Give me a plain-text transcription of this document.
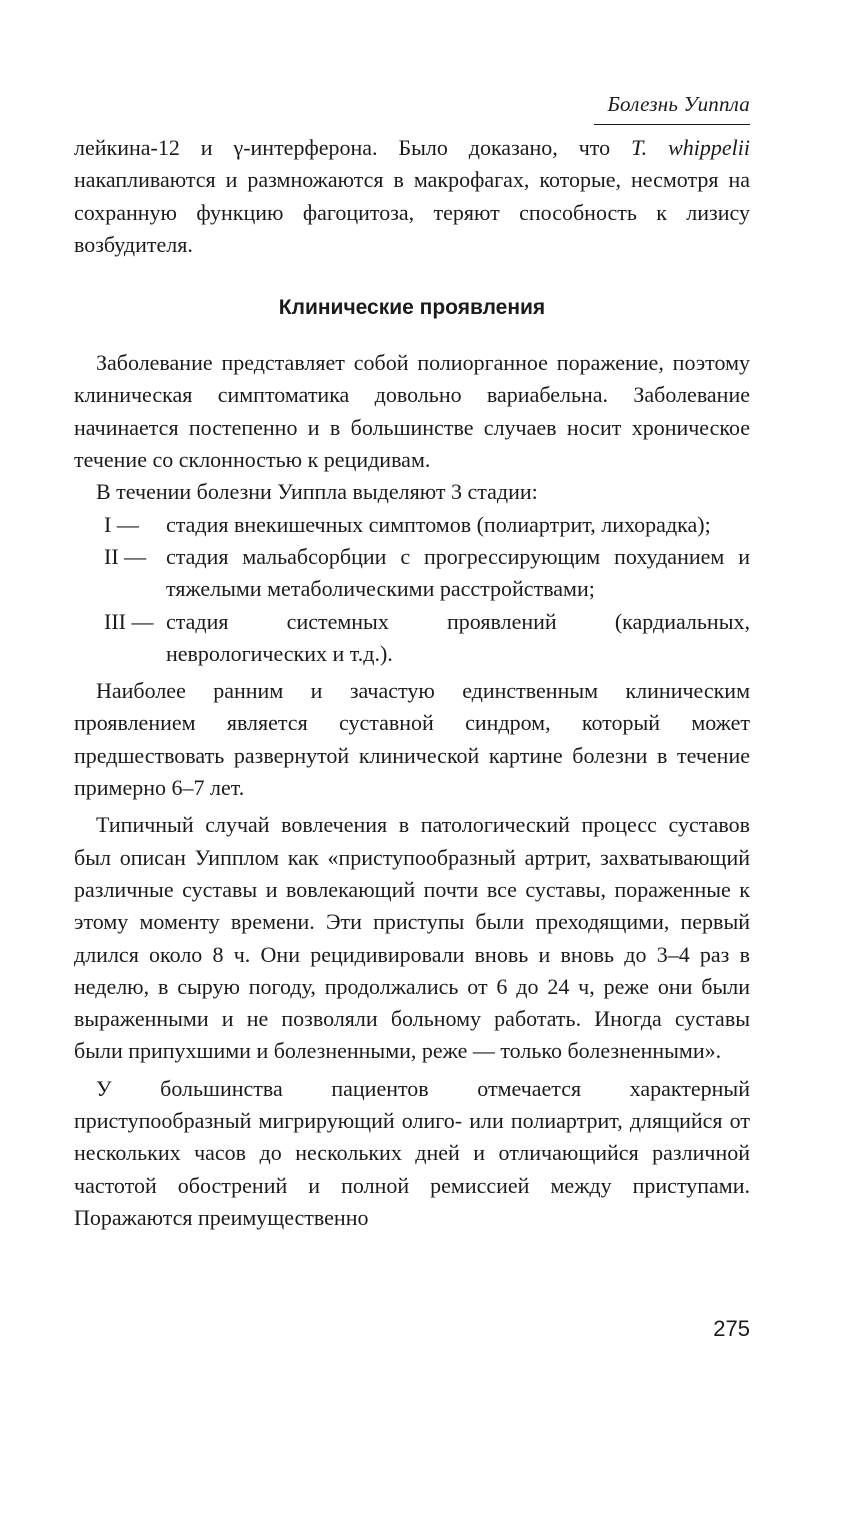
Болезнь Уиппла

лейкина-12 и γ-интерферона. Было доказано, что T. whippelii накапливаются и размножаются в макрофагах, которые, несмотря на сохранную функцию фагоцитоза, теряют способность к лизису возбудителя.

Клинические проявления

Заболевание представляет собой полиорганное поражение, поэтому клиническая симптоматика довольно вариабельна. Заболевание начинается постепенно и в большинстве случаев носит хроническое течение со склонностью к рецидивам.

В течении болезни Уиппла выделяют 3 стадии:

I —	стадия внекишечных симптомов (полиартрит, лихорадка);
II — стадия мальабсорбции с прогрессирующим похуданием и тяжелыми метаболическими расстройствами;
III — стадия системных проявлений (кардиальных, неврологических и т.д.).

Наиболее ранним и зачастую единственным клиническим проявлением является суставной синдром, который может предшествовать развернутой клинической картине болезни в течение примерно 6–7 лет.

Типичный случай вовлечения в патологический процесс суставов был описан Уипплом как «приступообразный артрит, захватывающий различные суставы и вовлекающий почти все суставы, пораженные к этому моменту времени. Эти приступы были преходящими, первый длился около 8 ч. Они рецидивировали вновь и вновь до 3–4 раз в неделю, в сырую погоду, продолжались от 6 до 24 ч, реже они были выраженными и не позволяли больному работать. Иногда суставы были припухшими и болезненными, реже — только болезненными».

У большинства пациентов отмечается характерный приступообразный мигрирующий олиго- или полиартрит, длящийся от нескольких часов до нескольких дней и отличающийся различной частотой обострений и полной ремиссией между приступами. Поражаются преимущественно

275
